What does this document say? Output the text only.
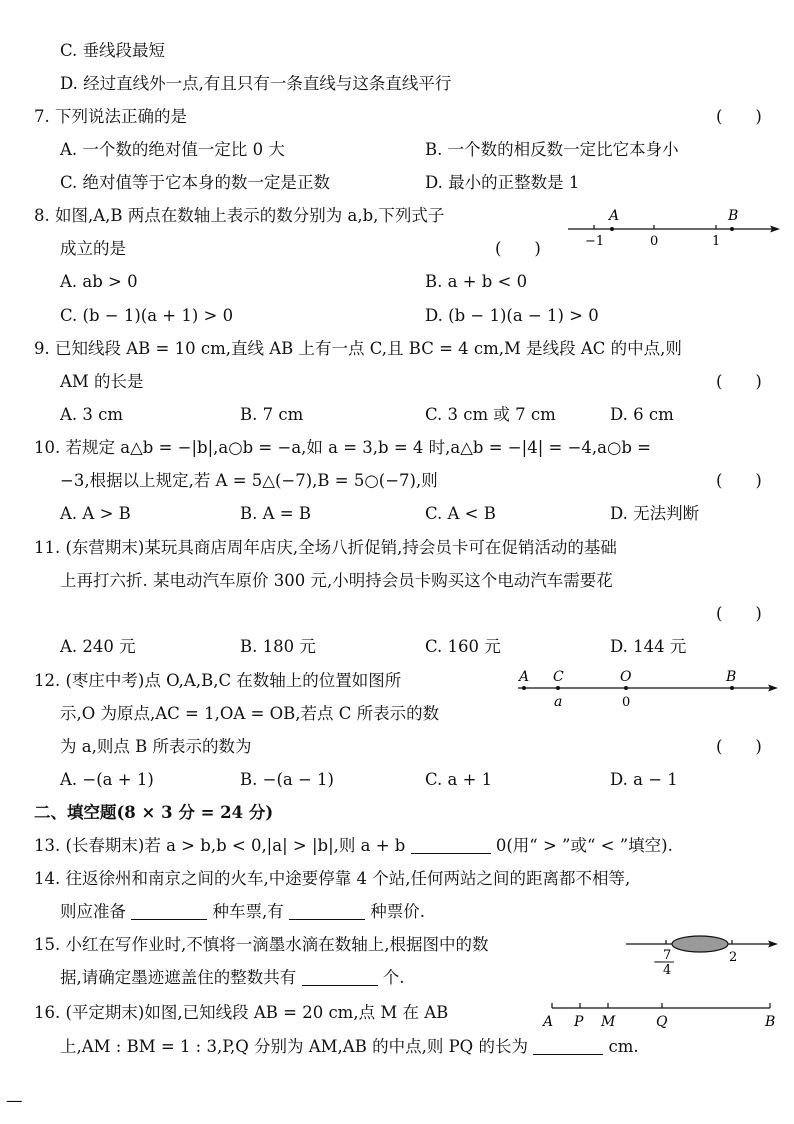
C. 垂线段最短
D. 经过直线外一点,有且只有一条直线与这条直线平行
7. 下列说法正确的是	(　　)
A. 一个数的绝对值一定比 0 大	B. 一个数的相反数一定比它本身小
C. 绝对值等于它本身的数一定是正数	D. 最小的正整数是 1
8. 如图,A,B 两点在数轴上表示的数分别为 a,b,下列式子
成立的是	(　　)
A	B
−1	0	1
A. ab > 0	B. a + b < 0
C. (b − 1)(a + 1) > 0	D. (b − 1)(a − 1) > 0
9. 已知线段 AB = 10 cm,直线 AB 上有一点 C,且 BC = 4 cm,M 是线段 AC 的中点,则
AM 的长是	(　　)
A. 3 cm	B. 7 cm	C. 3 cm 或 7 cm	D. 6 cm
10. 若规定 a△b = −|b|,a○b = −a,如 a = 3,b = 4 时,a△b = −|4| = −4,a○b =
−3,根据以上规定,若 A = 5△(−7),B = 5○(−7),则	(　　)
A. A > B	B. A = B	C. A < B	D. 无法判断
11. (东营期末)某玩具商店周年店庆,全场八折促销,持会员卡可在促销活动的基础
上再打六折. 某电动汽车原价 300 元,小明持会员卡购买这个电动汽车需要花
(　　)
A. 240 元	B. 180 元	C. 160 元	D. 144 元
12. (枣庄中考)点 O,A,B,C 在数轴上的位置如图所
示,O 为原点,AC = 1,OA = OB,若点 C 所表示的数
为 a,则点 B 所表示的数为	(　　)
A C	O	B
a	0
A. −(a + 1)	B. −(a − 1)	C. a + 1	D. a − 1
二、填空题(8 × 3 分 = 24 分)
13. (长春期末)若 a > b,b < 0,|a| > |b|,则 a + b	0(用“ > ”或“ < ”填空).
14. 往返徐州和南京之间的火车,中途要停靠 4 个站,任何两站之间的距离都不相等,
则应准备	种车票,有	种票价.
15. 小红在写作业时,不慎将一滴墨水滴在数轴上,根据图中的数
据,请确定墨迹遮盖住的整数共有	个.
− 7
4
2
16. (平定期末)如图,已知线段 AB = 20 cm,点 M 在 AB
上,AM : BM = 1 : 3,P,Q 分别为 AM,AB 的中点,则 PQ 的长为	cm.
A P M	Q	B
—
